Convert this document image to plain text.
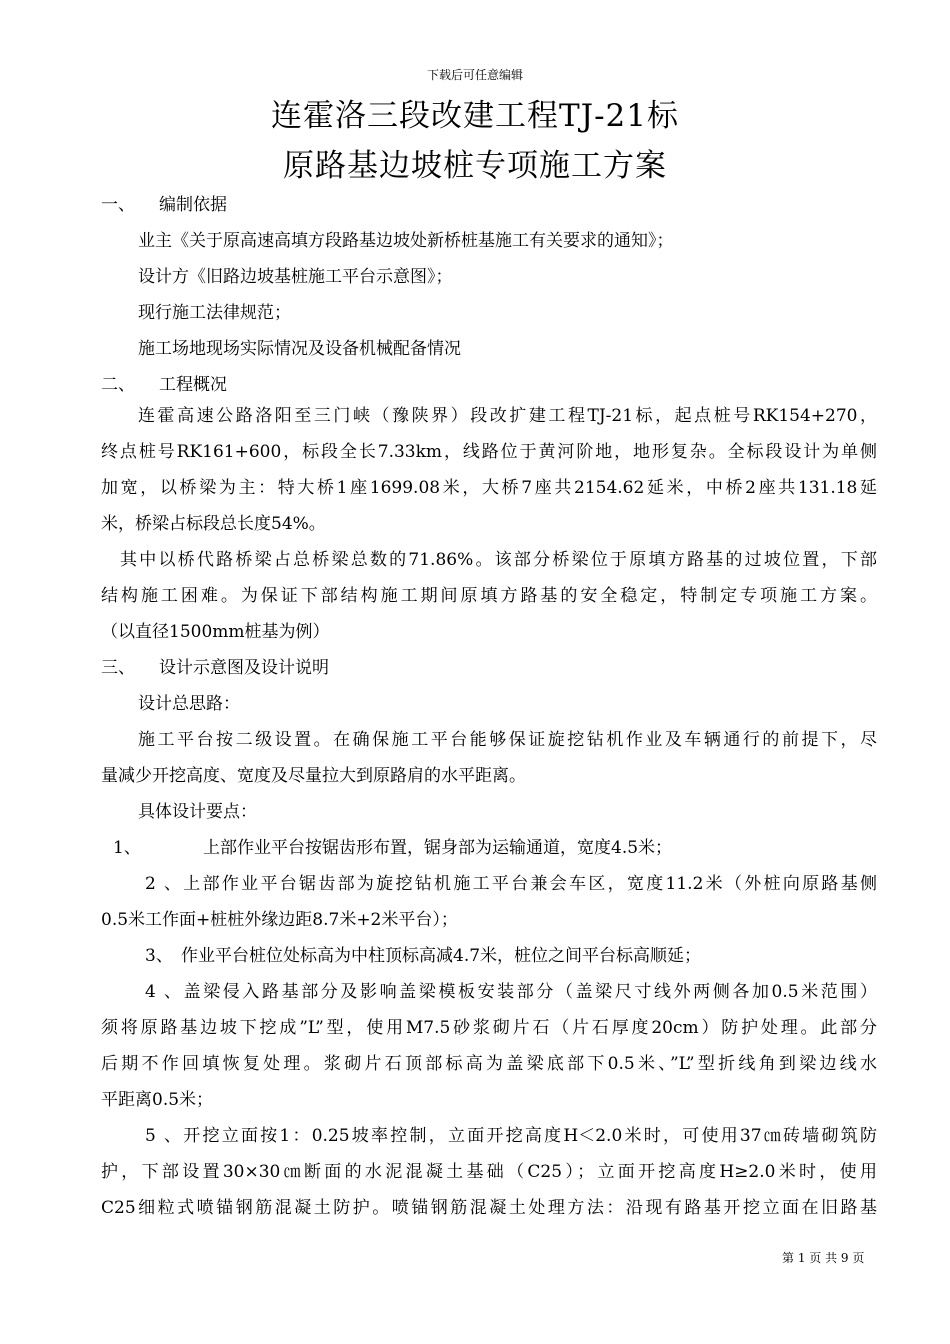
下载后可任意编辑
连霍洛三段改建工程TJ-21标
原路基边坡桩专项施工方案
一、 编制依据
业主《关于原高速高填方段路基边坡处新桥桩基施工有关要求的通知》；
设计方《旧路边坡基桩施工平台示意图》；
现行施工法律规范；
施工场地现场实际情况及设备机械配备情况
二、 工程概况
连霍高速公路洛阳至三门峡（豫陕界）段改扩建工程TJ-21标，起点桩号RK154+270，
终点桩号RK161+600，标段全长7.33km，线路位于黄河阶地，地形复杂。全标段设计为单侧
加宽，以桥梁为主：特大桥1座1699.08米，大桥7座共2154.62延米，中桥2座共131.18延
米，桥梁占标段总长度54%。
其中以桥代路桥梁占总桥梁总数的71.86%。该部分桥梁位于原填方路基的过坡位置，下部
结构施工困难。为保证下部结构施工期间原填方路基的安全稳定，特制定专项施工方案。
（以直径1500mm桩基为例）
三、 设计示意图及设计说明
设计总思路：
施工平台按二级设置。在确保施工平台能够保证旋挖钻机作业及车辆通行的前提下，尽
量减少开挖高度、宽度及尽量拉大到原路肩的水平距离。
具体设计要点：
1、	上部作业平台按锯齿形布置，锯身部为运输通道，宽度4.5米；
2、上部作业平台锯齿部为旋挖钻机施工平台兼会车区，宽度11.2米（外桩向原路基侧
0.5米工作面+桩桩外缘边距8.7米+2米平台）；
3、 作业平台桩位处标高为中柱顶标高减4.7米，桩位之间平台标高顺延；
4、盖梁侵入路基部分及影响盖梁模板安装部分（盖梁尺寸线外两侧各加0.5米范围）
须将原路基边坡下挖成”L”型，使用M7.5砂浆砌片石（片石厚度20cm）防护处理。此部分
后期不作回填恢复处理。浆砌片石顶部标高为盖梁底部下0.5米、”L”型折线角到梁边线水
平距离0.5米；
5、开挖立面按1：0.25坡率控制，立面开挖高度H＜2.0米时，可使用37㎝砖墙砌筑防
护，下部设置30×30㎝断面的水泥混凝土基础（C25）；立面开挖高度H≥2.0米时，使用
C25细粒式喷锚钢筋混凝土防护。喷锚钢筋混凝土处理方法：沿现有路基开挖立面在旧路基
第 1 页 共 9 页
